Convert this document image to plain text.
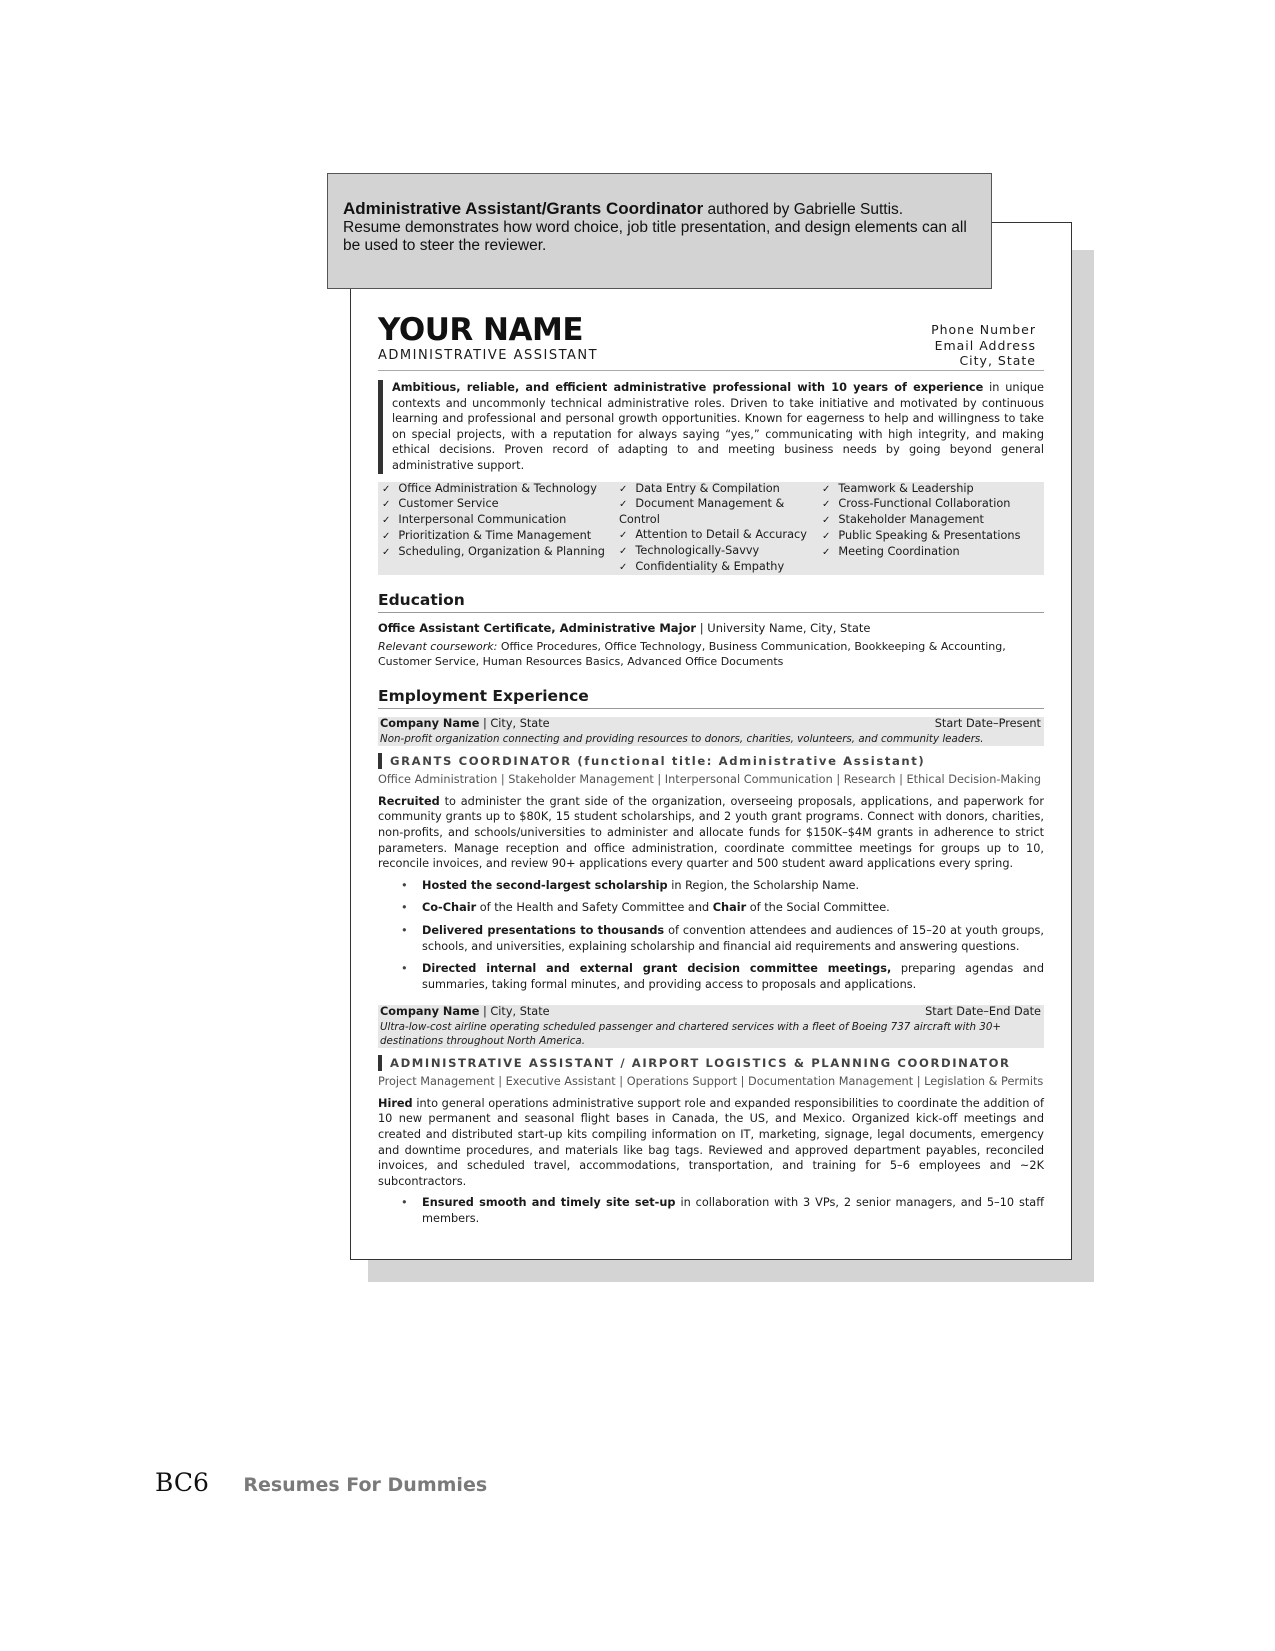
Administrative Assistant/Grants Coordinator authored by Gabrielle Suttis.
Resume demonstrates how word choice, job title presentation, and design elements can all be used to steer the reviewer.
YOUR NAME
ADMINISTRATIVE ASSISTANT
Phone Number
Email Address
City, State
Ambitious, reliable, and efficient administrative professional with 10 years of experience in unique contexts and uncommonly technical administrative roles. Driven to take initiative and motivated by continuous learning and professional and personal growth opportunities. Known for eagerness to help and willingness to take on special projects, with a reputation for always saying “yes,” communicating with high integrity, and making ethical decisions. Proven record of adapting to and meeting business needs by going beyond general administrative support.
✓ Office Administration & Technology
✓ Customer Service
✓ Interpersonal Communication
✓ Prioritization & Time Management
✓ Scheduling, Organization & Planning
✓ Data Entry & Compilation
✓ Document Management & Control
✓ Attention to Detail & Accuracy
✓ Technologically-Savvy
✓ Confidentiality & Empathy
✓ Teamwork & Leadership
✓ Cross-Functional Collaboration
✓ Stakeholder Management
✓ Public Speaking & Presentations
✓ Meeting Coordination
Education
Office Assistant Certificate, Administrative Major | University Name, City, State
Relevant coursework: Office Procedures, Office Technology, Business Communication, Bookkeeping & Accounting, Customer Service, Human Resources Basics, Advanced Office Documents
Employment Experience
Company Name | City, State	Start Date–Present
Non-profit organization connecting and providing resources to donors, charities, volunteers, and community leaders.
GRANTS COORDINATOR (functional title: Administrative Assistant)
Office Administration | Stakeholder Management | Interpersonal Communication | Research | Ethical Decision-Making
Recruited to administer the grant side of the organization, overseeing proposals, applications, and paperwork for community grants up to $80K, 15 student scholarships, and 2 youth grant programs. Connect with donors, charities, non-profits, and schools/universities to administer and allocate funds for $150K–$4M grants in adherence to strict parameters. Manage reception and office administration, coordinate committee meetings for groups up to 10, reconcile invoices, and review 90+ applications every quarter and 500 student award applications every spring.
• Hosted the second-largest scholarship in Region, the Scholarship Name.
• Co-Chair of the Health and Safety Committee and Chair of the Social Committee.
• Delivered presentations to thousands of convention attendees and audiences of 15–20 at youth groups, schools, and universities, explaining scholarship and financial aid requirements and answering questions.
• Directed internal and external grant decision committee meetings, preparing agendas and summaries, taking formal minutes, and providing access to proposals and applications.
Company Name | City, State	Start Date–End Date
Ultra-low-cost airline operating scheduled passenger and chartered services with a fleet of Boeing 737 aircraft with 30+ destinations throughout North America.
ADMINISTRATIVE ASSISTANT / AIRPORT LOGISTICS & PLANNING COORDINATOR
Project Management | Executive Assistant | Operations Support | Documentation Management | Legislation & Permits
Hired into general operations administrative support role and expanded responsibilities to coordinate the addition of 10 new permanent and seasonal flight bases in Canada, the US, and Mexico. Organized kick-off meetings and created and distributed start-up kits compiling information on IT, marketing, signage, legal documents, emergency and downtime procedures, and materials like bag tags. Reviewed and approved department payables, reconciled invoices, and scheduled travel, accommodations, transportation, and training for 5–6 employees and ~2K subcontractors.
• Ensured smooth and timely site set-up in collaboration with 3 VPs, 2 senior managers, and 5–10 staff members.
BC6 Resumes For Dummies
